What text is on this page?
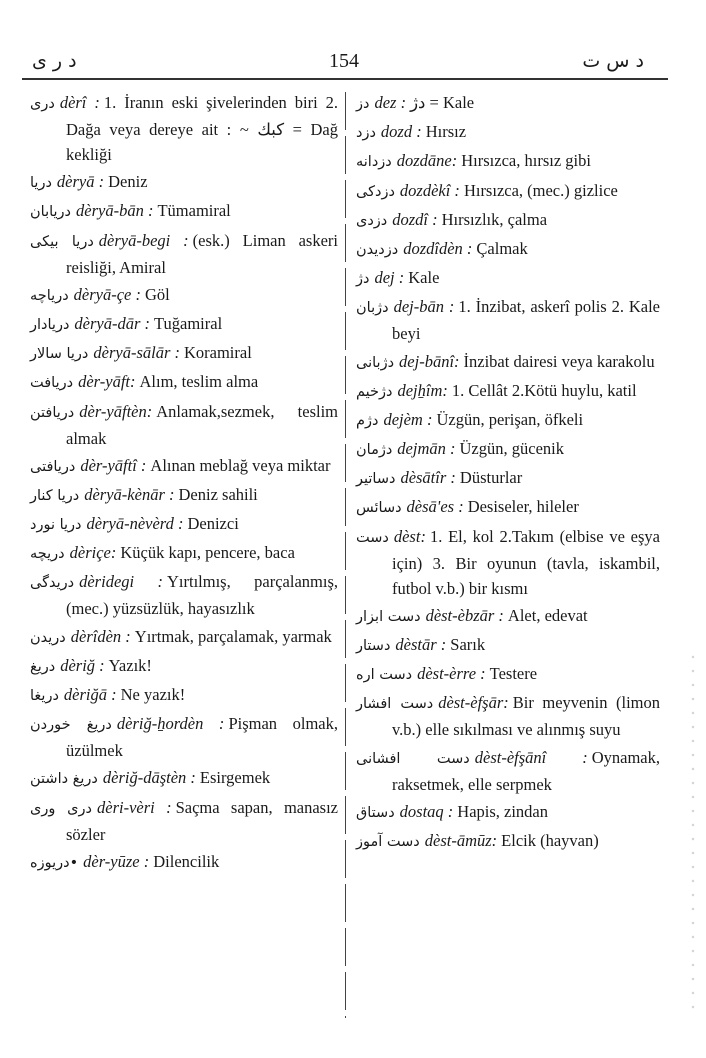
د ر ی	154	د س ت
دری dèrî : 1. İranın eski şivelerinden biri 2. Dağa veya dereye ait : ~ كبك = Dağ kekliği
دریا dèryā : Deniz
دریابان dèryā-bān : Tümamiral
دریا بیكی dèryā-begi : (esk.) Liman askeri reisliği, Amiral
دریاچه dèryā-çe : Göl
دریادار dèryā-dār : Tuğamiral
دریا سالار dèryā-sālār : Koramiral
دریافت dèr-yāft: Alım, teslim alma
دریافتن dèr-yāftèn: Anlamak,sezmek, teslim almak
دریافتی dèr-yāftî : Alınan meblağ veya miktar
دریا كنار dèryā-kènār : Deniz sahili
دریا نورد dèryā-nèvèrd : Denizci
دریچه dèriçe: Küçük kapı, pencere, baca
دریدگی dèridegi : Yırtılmış, parçalanmış,(mec.) yüzsüzlük, hayasızlık
دریدن dèrîdèn : Yırtmak, parçalamak, yarmak
دریغ dèriğ : Yazık!
دریغا dèriğā : Ne yazık!
دریغ خوردن dèriğ-ẖordèn : Pişman olmak, üzülmek
دریغ داشتن dèriğ-dāştèn : Esirgemek
دری وری dèri-vèri : Saçma sapan, manasız sözler
•دریوزه dèr-yūze : Dilencilik
دز dez : دژ = Kale
دزد dozd : Hırsız
دزدانه dozdāne: Hırsızca, hırsız gibi
دزدكی dozdèkî : Hırsızca, (mec.) gizlice
دزدی dozdî : Hırsızlık, çalma
دزدیدن dozdîdèn : Çalmak
دژ dej : Kale
دژبان dej-bān : 1. İnzibat, askerî polis 2. Kale beyi
دژبانی dej-bānî: İnzibat dairesi veya karakolu
دژخیم dejẖîm: 1. Cellât 2.Kötü huylu, katil
دژم dejèm : Üzgün, perişan, öfkeli
دژمان dejmān : Üzgün, gücenik
دساتیر dèsātîr : Düsturlar
دسائس dèsā'es : Desiseler, hileler
دست dèst: 1. El, kol 2.Takım (elbise ve eşya için) 3. Bir oyunun (tavla, iskambil, futbol v.b.) bir kısmı
دست ابزار dèst-èbzār : Alet, edevat
دستار dèstār : Sarık
دست اره dèst-èrre : Testere
دست افشار dèst-èfşār: Bir meyvenin (limon v.b.) elle sıkılması ve alınmış suyu
دست افشانی dèst-èfşānî : Oynamak, raksetmek, elle serpmek
دستاق dostaq : Hapis, zindan
دست آموز dèst-āmūz: Elcik (hayvan)
